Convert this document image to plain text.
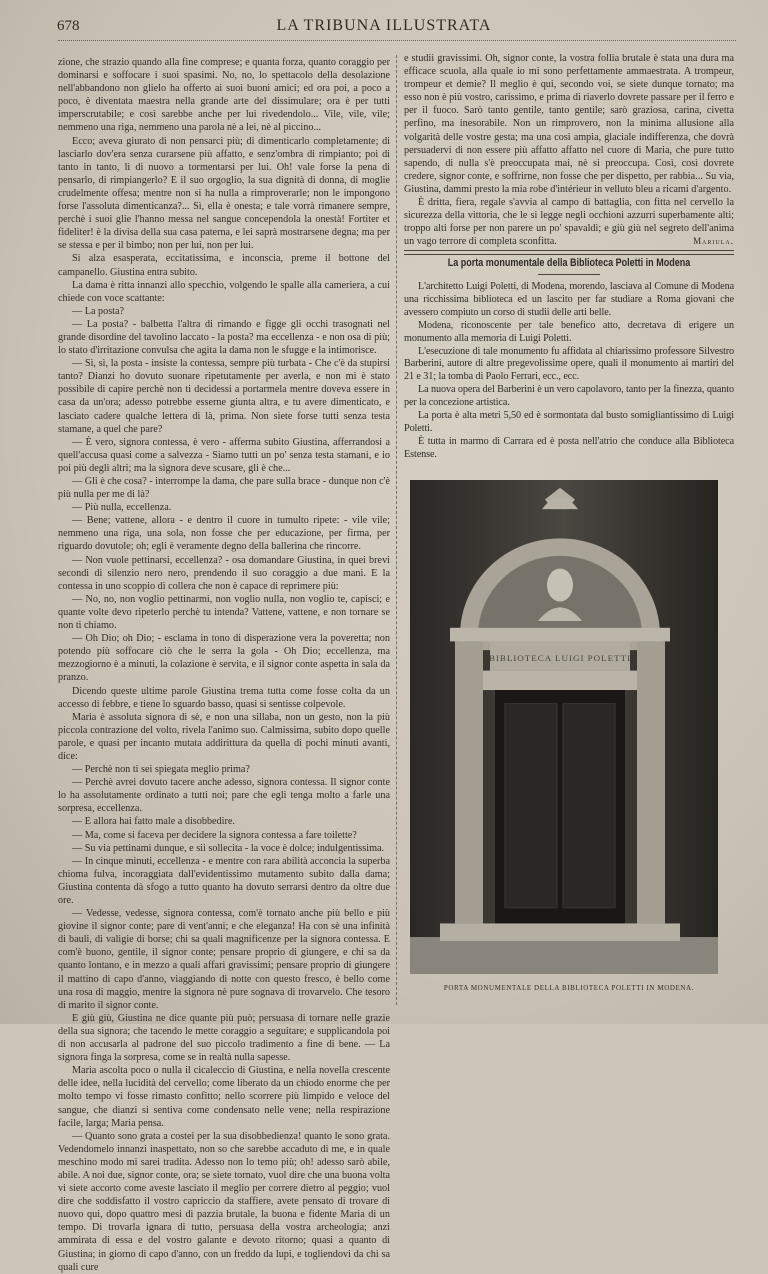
678	LA TRIBUNA ILLUSTRATA

zione, che strazio quando alla fine comprese; e quanta forza, quanto coraggio per dominarsi e soffocare i suoi spasimi. No, no, lo spettacolo della desolazione nell'abbandono non glielo ha offerto ai suoi buoni amici; ed ora poi, a poco a poco, è diventata maestra nella grande arte del dissimulare; ora è per tutti imperscrutabile; e così sarebbe anche per lui rivedendolo... Vile, vile, vile; nemmeno una riga, nemmeno una parola nè a lei, nè al piccino...

Ecco; aveva giurato di non pensarci più; di dimenticarlo completamente; di lasciarlo dov'era senza curarsene più affatto, e senz'ombra di rimpianto; poi di tanto in tanto, lì di nuovo a tormentarsi per lui. Oh! vale forse la pena di pensarlo, di rimpiangerlo? E il suo orgoglio, la sua dignità di donna, di moglie crudelmente offesa; mentre non si ha nulla a rimproverarle; non le impongono forse l'assoluta dimenticanza?... Sì, ella è onesta; e tale vorrà rimanere sempre, perchè i suoi glie l'hanno messa nel sangue concependola la onestà! Fortiter et fideliter! è la divisa della sua casa paterna, e lei saprà mostrarsene degna; ma per se stessa e per il bimbo; non per lui, non per lui.

Si alza esasperata, eccitatissima, e inconscia, preme il bottone del campanello. Giustina entra subito.

La dama è ritta innanzi allo specchio, volgendo le spalle alla cameriera, a cui chiede con voce scattante:

— La posta?

— La posta? - balbetta l'altra di rimando e figge gli occhi trasognati nel grande disordine del tavolino laccato - la posta? ma eccellenza - e non osa di più; lo stato d'irritazione convulsa che agita la dama non le sfugge e la intimorisce.

— Sì, sì, la posta - insiste la contessa, sempre più turbata - Che c'è da stupirsi tanto? Dianzi ho dovuto suonare ripetutamente per averla, e non mi è stato possibile di capire perchè non ti decidessi a portarmela mentre doveva essere in casa da un'ora; adesso potrebbe esserne giunta altra, e tu avere dimenticato, e lasciato cadere qualche lettera di là, prima. Non siete forse tutti senza testa stamane, a quel che pare?

— È vero, signora contessa, è vero - afferma subito Giustina, afferrandosi a quell'accusa quasi come a salvezza - Siamo tutti un po' senza testa stamani, e io poi più degli altri; ma la signora deve scusare, gli è che...

— Gli è che cosa? - interrompe la dama, che pare sulla brace - dunque non c'è più nulla per me di là?

— Più nulla, eccellenza.

— Bene; vattene, allora - e dentro il cuore in tumulto ripete: - vile vile; nemmeno una riga, una sola, non fosse che per educazione, per firma, per riguardo dovutole; oh; egli è veramente degno della ballerina che rincorre.

— Non vuole pettinarsi, eccellenza? - osa domandare Giustina, in quei brevi secondi di silenzio nero nero, prendendo il suo coraggio a due mani. E la contessa in uno scoppio di collera che non è capace di reprimere più:

— No, no, non voglio pettinarmi, non voglio nulla, non voglio te, capisci; e quante volte devo ripeterlo perchè tu intenda? Vattene, vattene, e non tornare se non ti chiamo.

— Oh Dio; oh Dio; - esclama in tono di disperazione vera la poveretta; non potendo più soffocare ciò che le serra la gola - Oh Dio; eccellenza, ma mezzogiorno è a minuti, la colazione è servita, e il signor conte aspetta in sala da pranzo.

Dicendo queste ultime parole Giustina trema tutta come fosse colta da un accesso di febbre, e tiene lo sguardo basso, quasi si sentisse colpevole.

Maria è assoluta signora di sè, e non una sillaba, non un gesto, non la più piccola contrazione del volto, rivela l'animo suo. Calmissima, subito dopo quelle parole, e quasi per incanto mutata addirittura da quella di pochi minuti avanti, dice:

— Perchè non ti sei spiegata meglio prima?

— Perchè avrei dovuto tacere anche adesso, signora contessa. Il signor conte lo ha assolutamente ordinato a tutti noi; pare che egli tenga molto a farle una sorpresa, eccellenza.

— E allora hai fatto male a disobbedire.

— Ma, come si faceva per decidere la signora contessa a fare toilette?

— Su via pettinami dunque, e sii sollecita - la voce è dolce; indulgentissima.

— In cinque minuti, eccellenza - e mentre con rara abilità acconcia la superba chioma fulva, incoraggiata dall'evidentissimo mutamento subito dalla dama; Giustina contenta dà sfogo a tutto quanto ha dovuto serrarsi dentro da oltre due ore.

— Vedesse, vedesse, signora contessa, com'è tornato anche più bello e più giovine il signor conte; pare di vent'anni; e che eleganza! Ha con sè una infinità di bauli, di valigie di borse; chi sa quali magnificenze per la signora contessa. E com'è buono, gentile, il signor conte; pensare proprio di giungere, e chi sa da quanto lontano, e in mezzo a quali affari gravissimi; pensare proprio di giungere il mattino di capo d'anno, viaggiando di notte con questo fresco, è bello come una rosa di maggio, mentre la signora nè pure sognava di trovarvelo. Che tesoro di marito il signor conte.

E giù giù, Giustina ne dice quante più può; persuasa di tornare nelle grazie della sua signora; che tacendo le mette coraggio a seguitare; e supplicandola poi di non accusarla al padrone del suo piccolo tradimento a fine di bene. — La signora finga la sorpresa, come se in realtà nulla sapesse.

Maria ascolta poco o nulla il cicaleccio di Giustina, e nella novella crescente delle idee, nella lucidità del cervello; come liberato da un chiodo enorme che per molto tempo vi fosse rimasto confitto; nello scorrere più limpido e veloce del sangue, che dianzi si sentiva come condensato nelle vene; nella respirazione facile, larga; Maria pensa.

— Quanto sono grata a costei per la sua disobbedienza! quanto le sono grata. Vedendomelo innanzi inaspettato, non so che sarebbe accaduto di me, e in quale meschino modo mi sarei tradita. Adesso non lo temo più; oh! adesso sarò abile, abile. A noi due, signor conte, ora; se siete tornato, vuol dire che una buona volta vi siete accorto come aveste lasciato il meglio per correre dietro al peggio; vuol dire che soddisfatto il vostro capriccio da staffiere, avete pensato di trovare di nuovo qui, dopo quattro mesi di pazzia brutale, la buona e fidente Maria di un tempo. Di trovarla ignara di tutto, persuasa della vostra archeologia; anzi ammirata di essa e del vostro galante e devoto ritorno; quasi a quanto di Giustina; in giorno di capo d'anno, con un freddo da lupi, e togliendovi da chi sa quali cure

e studii gravissimi. Oh, signor conte, la vostra follia brutale è stata una dura ma efficace scuola, alla quale io mi sono perfettamente ammaestrata. A trompeur, trompeur et demie? Il meglio è qui, secondo voi, se siete dunque tornato; ma esso non è più vostro, carissimo, e prima di riaverlo dovrete passare per il ferro e per il fuoco. Sarò tanto gentile, tanto gentile; sarò graziosa, carina, civetta perfino, ma inesorabile. Non un rimprovero, non la minima allusione alla volgarità delle vostre gesta; ma una così ampia, glaciale indifferenza, che dovrà persuadervi di non essere più affatto affatto nel cuore di Maria, che pure tutto sapendo, di nulla s'è preoccupata mai, nè si preoccupa. Così, così dovrete credere, signor conte, e soffrirne, non fosse che per dispetto, per rabbia... Su via, Giustina, dammi presto la mia robe d'intérieur in velluto bleu a ricami d'argento.

È dritta, fiera, regale s'avvia al campo di battaglia, con fitta nel cervello la sicurezza della vittoria, che le si legge negli occhioni azzurri superbamente alti; troppo alti forse per non parere un po' spavaldi; e giù giù nel segreto dell'anima un vago terrore di completa sconfitta.	Mariula.
La porta monumentale della Biblioteca Poletti in Modena

L'architetto Luigi Poletti, di Modena, morendo, lasciava al Comune di Modena una ricchissima biblioteca ed un lascito per far studiare a Roma giovani che avessero compiuto un corso di studii delle arti belle.

Modena, riconoscente per tale benefico atto, decretava di erigere un monumento alla memoria di Luigi Poletti.

L'esecuzione di tale monumento fu affidata al chiarissimo professore Silvestro Barberini, autore di altre pregevolissime opere, quali il monumento ai martiri del 21 e 31; la tomba di Paolo Ferrari, ecc., ecc.

La nuova opera del Barberini è un vero capolavoro, tanto per la finezza, quanto per la concezione artistica.

La porta è alta metri 5,50 ed è sormontata dal busto somigliantissimo di Luigi Poletti.

È tutta in marmo di Carrara ed è posta nell'atrio che conduce alla Biblioteca Estense.

BIBLIOTECA LUIGI POLETTI
PORTA MONUMENTALE DELLA BIBLIOTECA POLETTI IN MODENA.
